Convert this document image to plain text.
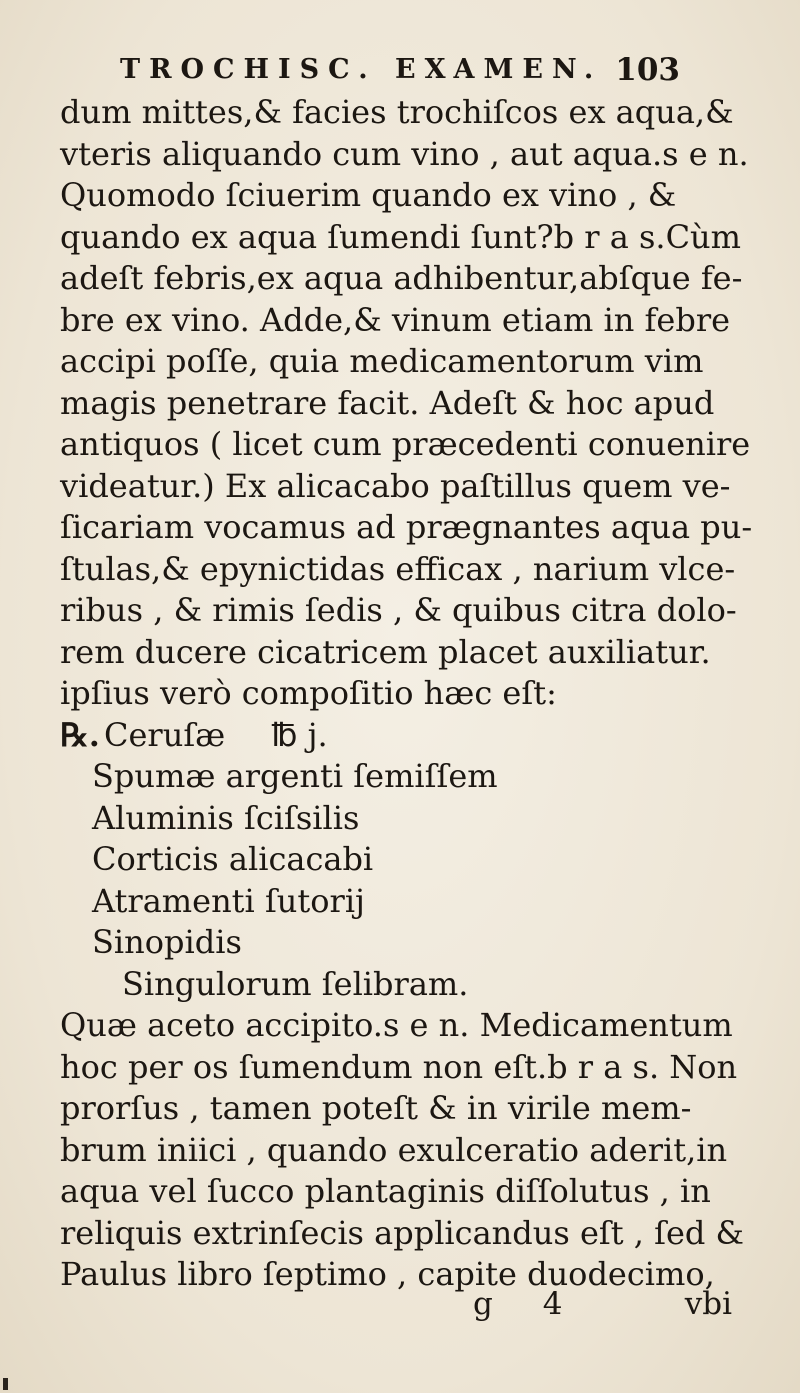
TROCHISC. EXAMEN. 103
dum mittes,& facies trochiſcos ex aqua,&
vteris aliquando cum vino , aut aqua.s e n.
Quomodo ſciuerim quando ex vino , &
quando ex aqua ſumendi ſunt?b r a s.Cùm
adeſt febris,ex aqua adhibentur,abſque fe-
bre ex vino. Adde,& vinum etiam in febre
accipi poſſe, quia medicamentorum vim
magis penetrare facit. Adeſt & hoc apud
antiquos ( licet cum præcedenti conuenire
videatur.) Ex alicacabo paſtillus quem ve-
ſicariam vocamus ad prægnantes aqua pu-
ſtulas,& epynictidas efficax , narium vlce-
ribus , & rimis ſedis , & quibus citra dolo-
rem ducere cicatricem placet auxiliatur.
ipſius verò compoſitio hæc eſt:
℞. Ceruſæ ℔ j.
Spumæ argenti ſemiſſem
Aluminis ſciſsilis
Corticis alicacabi
Atramenti ſutorij
Sinopidis
Singulorum ſelibram.
Quæ aceto accipito.s e n. Medicamentum
hoc per os ſumendum non eſt.b r a s. Non
prorſus , tamen poteſt & in virile mem-
brum iniici , quando exulceratio aderit,in
aqua vel ſucco plantaginis diſſolutus , in
reliquis extrinſecis applicandus eſt , ſed &
Paulus libro ſeptimo , capite duodecimo,
g 4	vbi
